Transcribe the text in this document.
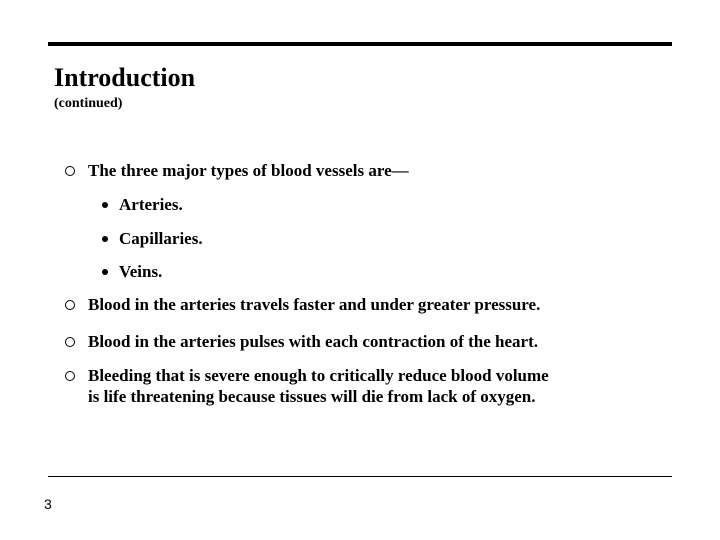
Introduction
(continued)
The three major types of blood vessels are—
Arteries.
Capillaries.
Veins.
Blood in the arteries travels faster and under greater pressure.
Blood in the arteries pulses with each contraction of the heart.
Bleeding that is severe enough to critically reduce blood volume
is life threatening because tissues will die from lack of oxygen.
3
